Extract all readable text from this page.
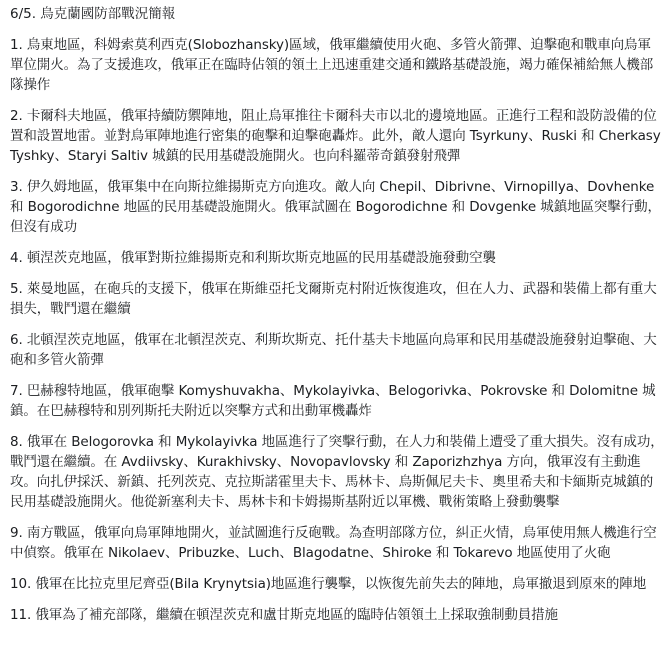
6/5. 烏克蘭國防部戰況簡報
1. 烏東地區，科姆索莫利西克(Slobozhansky)區域，俄軍繼續使用火砲、多管火箭彈、迫擊砲和戰車向烏軍單位開火。為了支援進攻，俄軍正在臨時佔領的領土上迅速重建交通和鐵路基礎設施，竭力確保補給無人機部隊操作
2. 卡爾科夫地區，俄軍持續防禦陣地，阻止烏軍推往卡爾科夫市以北的邊境地區。正進行工程和設防設備的位置和設置地雷。並對烏軍陣地進行密集的砲擊和迫擊砲轟炸。此外，敵人還向 Tsyrkuny、Ruski 和 Cherkasy Tyshky、Staryi Saltiv 城鎮的民用基礎設施開火。也向科羅蒂奇鎮發射飛彈
3. 伊久姆地區，俄軍集中在向斯拉維揚斯克方向進攻。敵人向 Chepil、Dibrivne、Virnopillya、Dovhenke 和 Bogorodichne 地區的民用基礎設施開火。俄軍試圖在 Bogorodichne 和 Dovgenke 城鎮地區突擊行動，但沒有成功
4. 頓涅茨克地區，俄軍對斯拉維揚斯克和利斯坎斯克地區的民用基礎設施發動空襲
5. 萊曼地區，在砲兵的支援下，俄軍在斯維亞托戈爾斯克村附近恢復進攻，但在人力、武器和裝備上都有重大損失，戰鬥還在繼續
6. 北頓涅茨克地區，俄軍在北頓涅茨克、利斯坎斯克、托什基夫卡地區向烏軍和民用基礎設施發射迫擊砲、大砲和多管火箭彈
7. 巴赫穆特地區，俄軍砲擊 Komyshuvakha、Mykolayivka、Belogorivka、Pokrovske 和 Dolomitne 城鎮。在巴赫穆特和別列斯托夫附近以突擊方式和出動軍機轟炸
8. 俄軍在 Belogorovka 和 Mykolayivka 地區進行了突擊行動，在人力和裝備上遭受了重大損失。沒有成功，戰鬥還在繼續。在 Avdiivsky、Kurakhivsky、Novopavlovsky 和 Zaporizhzhya 方向，俄軍沒有主動進攻。向扎伊採沃、新鎮、托列茨克、克拉斯諾霍里夫卡、馬林卡、烏斯佩尼夫卡、奧里希夫和卡緬斯克城鎮的民用基礎設施開火。他從新塞利夫卡、馬林卡和卡姆揚斯基附近以軍機、戰術策略上發動襲擊
9. 南方戰區，俄軍向烏軍陣地開火，並試圖進行反砲戰。為查明部隊方位，糾正火情，烏軍使用無人機進行空中偵察。俄軍在 Nikolaev、Pribuzke、Luch、Blagodatne、Shiroke 和 Tokarevo 地區使用了火砲
10. 俄軍在比拉克里尼齊亞(Bila Krynytsia)地區進行襲擊，以恢復先前失去的陣地，烏軍撤退到原來的陣地
11. 俄軍為了補充部隊，繼續在頓涅茨克和盧甘斯克地區的臨時佔領領土上採取強制動員措施
